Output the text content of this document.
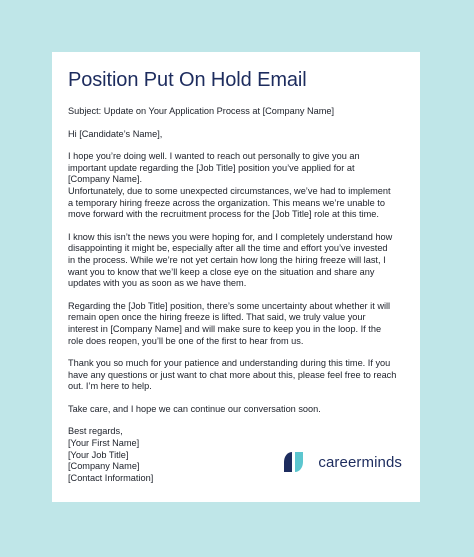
Position Put On Hold Email

Subject: Update on Your Application Process at [Company Name]

Hi [Candidate’s Name],

I hope you’re doing well. I wanted to reach out personally to give you an
important update regarding the [Job Title] position you’ve applied for at
[Company Name].
Unfortunately, due to some unexpected circumstances, we’ve had to implement
a temporary hiring freeze across the organization. This means we’re unable to
move forward with the recruitment process for the [Job Title] role at this time.

I know this isn’t the news you were hoping for, and I completely understand how
disappointing it might be, especially after all the time and effort you’ve invested
in the process. While we’re not yet certain how long the hiring freeze will last, I
want you to know that we’ll keep a close eye on the situation and share any
updates with you as soon as we have them.

Regarding the [Job Title] position, there’s some uncertainty about whether it will
remain open once the hiring freeze is lifted. That said, we truly value your
interest in [Company Name] and will make sure to keep you in the loop. If the
role does reopen, you’ll be one of the first to hear from us.

Thank you so much for your patience and understanding during this time. If you
have any questions or just want to chat more about this, please feel free to reach
out. I’m here to help.

Take care, and I hope we can continue our conversation soon.

Best regards,
[Your First Name]
[Your Job Title]
[Company Name]
[Contact Information]

careerminds
